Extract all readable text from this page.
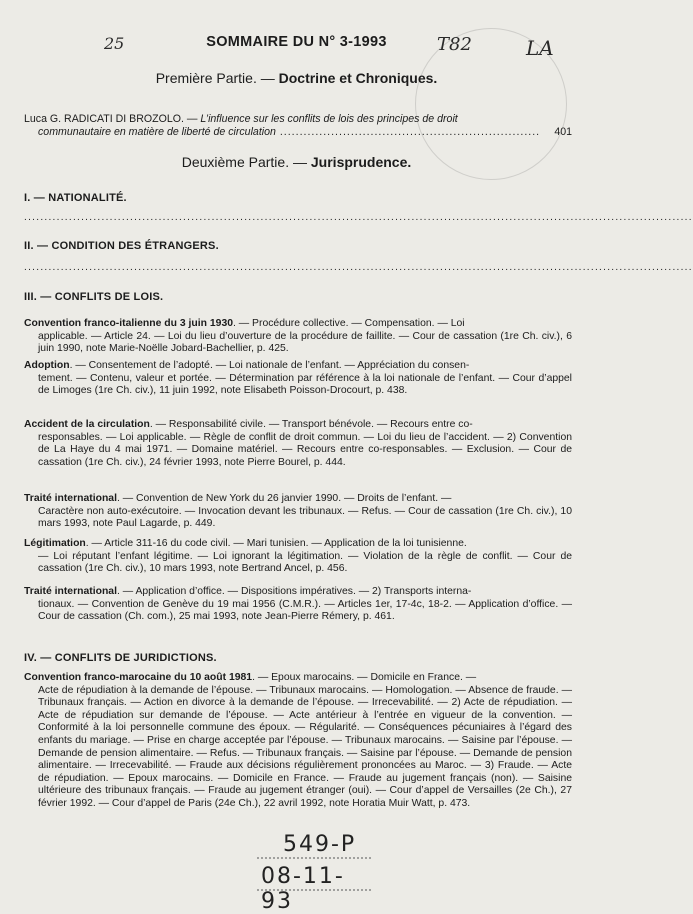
25	T82	LA
SOMMAIRE DU N° 3-1993
Première Partie. — Doctrine et Chroniques.
Luca G. RADICATI DI BROZOLO. — L’influence sur les conflits de lois des principes de droit
communautaire en matière de liberté de circulation ..................................................................	401
Deuxième Partie. — Jurisprudence.
I. — NATIONALITÉ.
....................................................................................................................................................................
II. — CONDITION DES ÉTRANGERS.
....................................................................................................................................................................
III. — CONFLITS DE LOIS.
Convention franco-italienne du 3 juin 1930. — Procédure collective. — Compensation. — Loi
applicable. — Article 24. — Loi du lieu d’ouverture de la procédure de faillite. — Cour de cassation (1re Ch. civ.), 6 juin 1990, note Marie-Noëlle Jobard-Bachellier, p. 425.
Adoption. — Consentement de l’adopté. — Loi nationale de l’enfant. — Appréciation du consen-
tement. — Contenu, valeur et portée. — Détermination par référence à la loi nationale de l’enfant. — Cour d’appel de Limoges (1re Ch. civ.), 11 juin 1992, note Elisabeth Poisson-Drocourt, p. 438.
Accident de la circulation. — Responsabilité civile. — Transport bénévole. — Recours entre co-
responsables. — Loi applicable. — Règle de conflit de droit commun. — Loi du lieu de l’accident. — 2) Convention de La Haye du 4 mai 1971. — Domaine matériel. — Recours entre co-responsables. — Exclusion. — Cour de cassation (1re Ch. civ.), 24 février 1993, note Pierre Bourel, p. 444.
Traité international. — Convention de New York du 26 janvier 1990. — Droits de l’enfant. —
Caractère non auto-exécutoire. — Invocation devant les tribunaux. — Refus. — Cour de cassation (1re Ch. civ.), 10 mars 1993, note Paul Lagarde, p. 449.
Légitimation. — Article 311-16 du code civil. — Mari tunisien. — Application de la loi tunisienne.
— Loi réputant l’enfant légitime. — Loi ignorant la légitimation. — Violation de la règle de conflit. — Cour de cassation (1re Ch. civ.), 10 mars 1993, note Bertrand Ancel, p. 456.
Traité international. — Application d’office. — Dispositions impératives. — 2) Transports interna-
tionaux. — Convention de Genève du 19 mai 1956 (C.M.R.). — Articles 1er, 17-4c, 18-2. — Application d’office. — Cour de cassation (Ch. com.), 25 mai 1993, note Jean-Pierre Rémery, p. 461.
IV. — CONFLITS DE JURIDICTIONS.
Convention franco-marocaine du 10 août 1981. — Epoux marocains. — Domicile en France. —
Acte de répudiation à la demande de l’épouse. — Tribunaux marocains. — Homologation. — Absence de fraude. — Tribunaux français. — Action en divorce à la demande de l’épouse. — Irrecevabilité. — 2) Acte de répudiation. — Acte de répudiation sur demande de l’épouse. — Acte antérieur à l’entrée en vigueur de la convention. — Conformité à la loi personnelle commune des époux. — Régularité. — Conséquences pécuniaires à l’égard des enfants du mariage. — Prise en charge acceptée par l’épouse. — Tribunaux marocains. — Saisine par l’épouse. — Demande de pension alimentaire. — Refus. — Tribunaux français. — Saisine par l’épouse. — Demande de pension alimentaire. — Irrecevabilité. — Fraude aux décisions régulièrement prononcées au Maroc. — 3) Fraude. — Acte de répudiation. — Epoux marocains. — Domicile en France. — Fraude au jugement français (non). — Saisine ultérieure des tribunaux français. — Fraude au jugement étranger (oui). — Cour d’appel de Versailles (2e Ch.), 27 février 1992. — Cour d’appel de Paris (24e Ch.), 22 avril 1992, note Horatia Muir Watt, p. 473.
549-P
08-11-93
